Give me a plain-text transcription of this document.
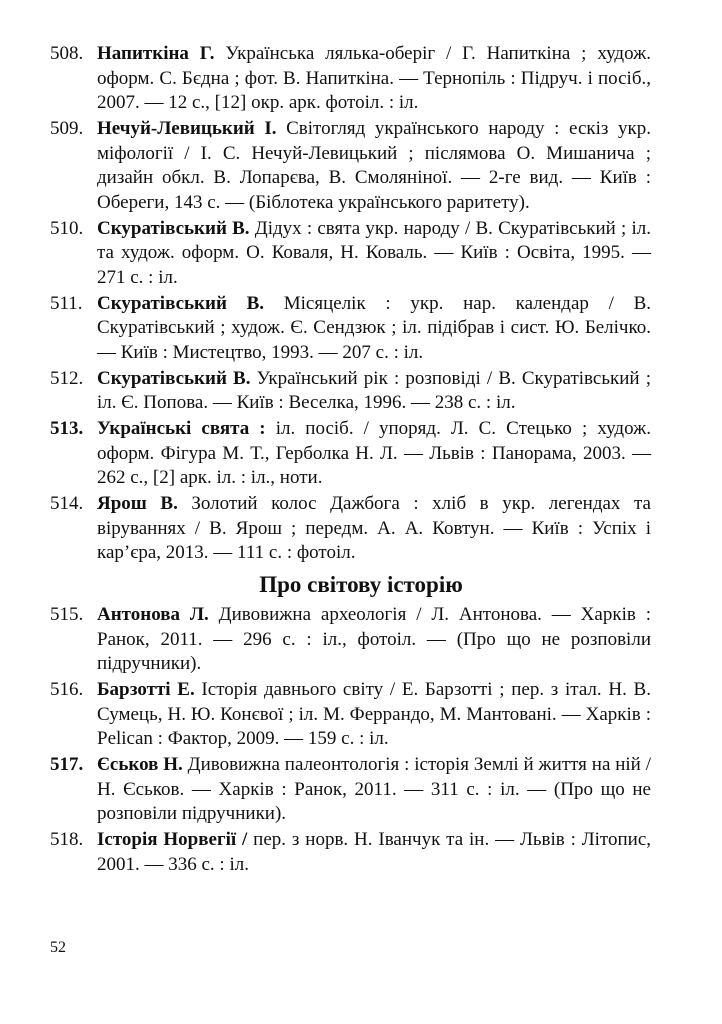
508. Напиткіна Г. Українська лялька-оберіг / Г. Напиткіна ; худож. оформ. С. Бєдна ; фот. В. Напиткіна. — Тернопіль : Підруч. і посіб., 2007. — 12 с., [12] окр. арк. фотоіл. : іл.
509. Нечуй-Левицький І. Світогляд українського народу : ескіз укр. міфології / І. С. Нечуй-Левицький ; післямова О. Мишанича ; дизайн обкл. В. Лопарєва, В. Смоляніної. — 2-ге вид. — Київ : Обереги, 143 с. — (Біблотека українського раритету).
510. Скуратівський В. Дідух : свята укр. народу / В. Скуратівський ; іл. та худож. оформ. О. Коваля, Н. Коваль. — Київ : Освіта, 1995. — 271 с. : іл.
511. Скуратівський В. Місяцелік : укр. нар. календар / В. Скуратівський ; худож. Є. Сендзюк ; іл. підібрав і сист. Ю. Белічко. — Київ : Мистецтво, 1993. — 207 с. : іл.
512. Скуратівський В. Український рік : розповіді / В. Скуратівський ; іл. Є. Попова. — Київ : Веселка, 1996. — 238 с. : іл.
513. Українські свята : іл. посіб. / упоряд. Л. С. Стецько ; худож. оформ. Фігура М. Т., Герболка Н. Л. — Львів : Панорама, 2003. — 262 с., [2] арк. іл. : іл., ноти.
514. Ярош В. Золотий колос Дажбога : хліб в укр. легендах та віруваннях / В. Ярош ; передм. А. А. Ковтун. — Київ : Успіх і кар’єра, 2013. — 111 с. : фотоіл.
Про світову історію
515. Антонова Л. Дивовижна археологія / Л. Антонова. — Харків : Ранок, 2011. — 296 с. : іл., фотоіл. — (Про що не розповіли підручники).
516. Барзотті Е. Історія давнього світу / Е. Барзотті ; пер. з італ. Н. В. Сумець, Н. Ю. Конєвої ; іл. М. Феррандо, М. Мантовані. — Харків : Pelican : Фактор, 2009. — 159 с. : іл.
517. Єськов Н. Дивовижна палеонтологія : історія Землі й життя на ній / Н. Єськов. — Харків : Ранок, 2011. — 311 с. : іл. — (Про що не розповіли підручники).
518. Історія Норвегії / пер. з норв. Н. Іванчук та ін. — Львів : Літопис, 2001. — 336 с. : іл.
52
